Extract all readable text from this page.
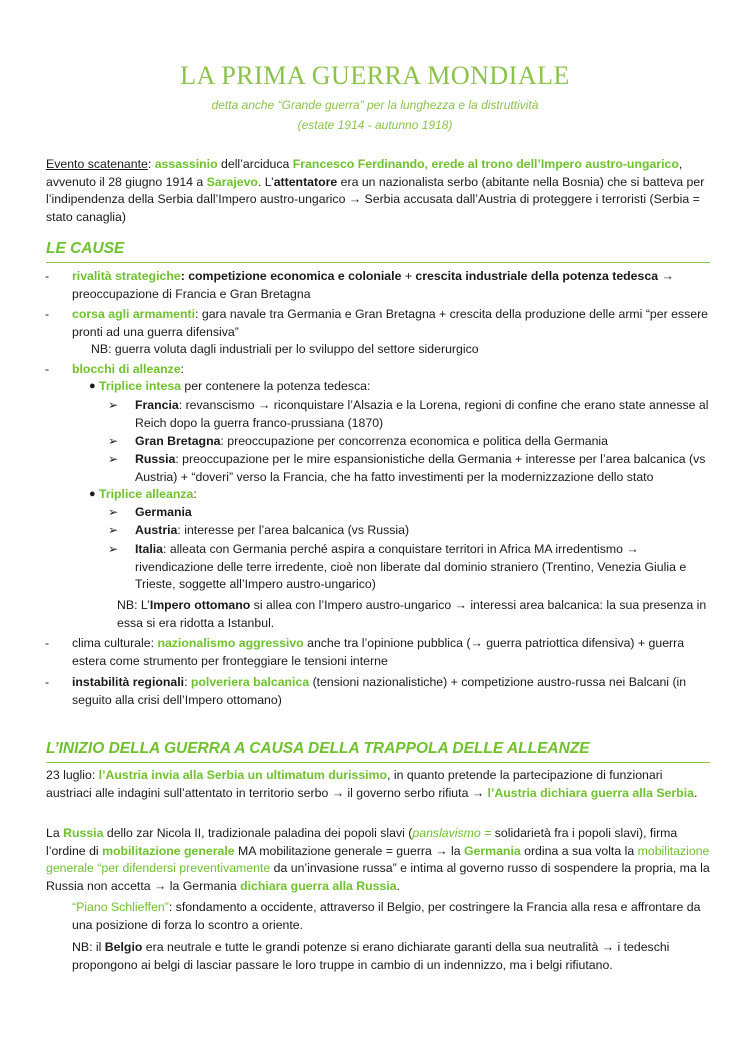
LA PRIMA GUERRA MONDIALE
detta anche “Grande guerra” per la lunghezza e la distruttività
(estate 1914 - autunno 1918)

Evento scatenante: assassinio dell’arciduca Francesco Ferdinando, erede al trono dell’Impero austro-ungarico, avvenuto il 28 giugno 1914 a Sarajevo. L’attentatore era un nazionalista serbo (abitante nella Bosnia) che si batteva per l’indipendenza della Serbia dall’Impero austro-ungarico → Serbia accusata dall’Austria di proteggere i terroristi (Serbia = stato canaglia)

LE CAUSE
- rivalità strategiche: competizione economica e coloniale + crescita industriale della potenza tedesca → preoccupazione di Francia e Gran Bretagna
- corsa agli armamenti: gara navale tra Germania e Gran Bretagna + crescita della produzione delle armi “per essere pronti ad una guerra difensiva”
NB: guerra voluta dagli industriali per lo sviluppo del settore siderurgico
- blocchi di alleanze:
● Triplice intesa per contenere la potenza tedesca:
➢ Francia: revanscismo → riconquistare l’Alsazia e la Lorena, regioni di confine che erano state annesse al Reich dopo la guerra franco-prussiana (1870)
➢ Gran Bretagna: preoccupazione per concorrenza economica e politica della Germania
➢ Russia: preoccupazione per le mire espansionistiche della Germania + interesse per l’area balcanica (vs Austria) + “doveri” verso la Francia, che ha fatto investimenti per la modernizzazione dello stato
● Triplice alleanza:
➢ Germania
➢ Austria: interesse per l’area balcanica (vs Russia)
➢ Italia: alleata con Germania perché aspira a conquistare territori in Africa MA irredentismo → rivendicazione delle terre irredente, cioè non liberate dal dominio straniero (Trentino, Venezia Giulia e Trieste, soggette all’Impero austro-ungarico)
NB: L’Impero ottomano si allea con l’Impero austro-ungarico → interessi area balcanica: la sua presenza in essa si era ridotta a Istanbul.
- clima culturale: nazionalismo aggressivo anche tra l’opinione pubblica (→ guerra patriottica difensiva) + guerra estera come strumento per fronteggiare le tensioni interne
- instabilità regionali: polveriera balcanica (tensioni nazionalistiche) + competizione austro-russa nei Balcani (in seguito alla crisi dell’Impero ottomano)
L’INIZIO DELLA GUERRA A CAUSA DELLA TRAPPOLA DELLE ALLEANZE

23 luglio: l’Austria invia alla Serbia un ultimatum durissimo, in quanto pretende la partecipazione di funzionari austriaci alle indagini sull’attentato in territorio serbo → il governo serbo rifiuta → l’Austria dichiara guerra alla Serbia.

La Russia dello zar Nicola II, tradizionale paladina dei popoli slavi (panslavismo = solidarietà fra i popoli slavi), firma l’ordine di mobilitazione generale MA mobilitazione generale = guerra → la Germania ordina a sua volta la mobilitazione generale “per difendersi preventivamente da un’invasione russa” e intima al governo russo di sospendere la propria, ma la Russia non accetta → la Germania dichiara guerra alla Russia.

“Piano Schlieffen”: sfondamento a occidente, attraverso il Belgio, per costringere la Francia alla resa e affrontare da una posizione di forza lo scontro a oriente.
NB: il Belgio era neutrale e tutte le grandi potenze si erano dichiarate garanti della sua neutralità → i tedeschi propongono ai belgi di lasciar passare le loro truppe in cambio di un indennizzo, ma i belgi rifiutano.
